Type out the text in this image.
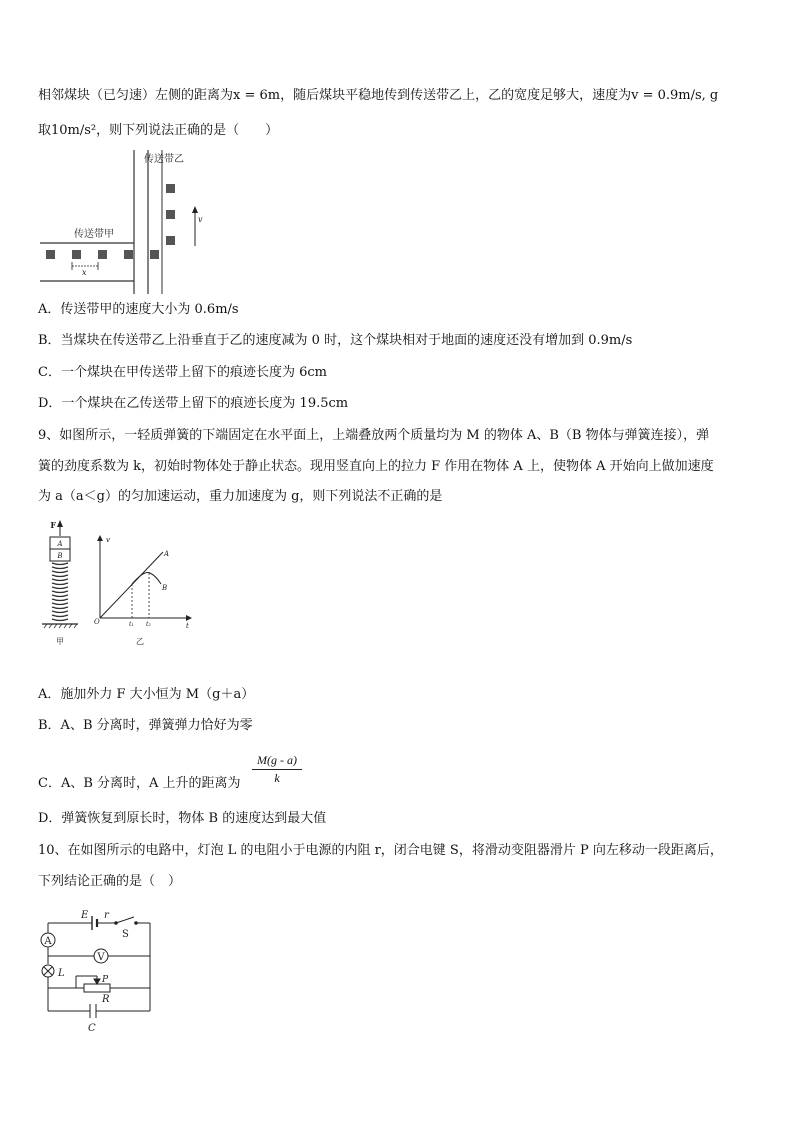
相邻煤块（已匀速）左侧的距离为x = 6m，随后煤块平稳地传到传送带乙上，乙的宽度足够大，速度为v = 0.9m/s, g
取10m/s²，则下列说法正确的是（　　）
传送带乙
传送带甲
v
x
A．传送带甲的速度大小为 0.6m/s
B．当煤块在传送带乙上沿垂直于乙的速度减为 0 时，这个煤块相对于地面的速度还没有增加到 0.9m/s
C．一个煤块在甲传送带上留下的痕迹长度为 6cm
D．一个煤块在乙传送带上留下的痕迹长度为 19.5cm
9、如图所示，一轻质弹簧的下端固定在水平面上，上端叠放两个质量均为 M 的物体 A、B（B 物体与弹簧连接），弹
簧的劲度系数为 k，初始时物体处于静止状态。现用竖直向上的拉力 F 作用在物体 A 上，使物体 A 开始向上做加速度
为 a（a＜g）的匀加速运动，重力加速度为 g，则下列说法不正确的是
F
A
B
甲
v
O	t
A
B
t₁ t₂
乙
A．施加外力 F 大小恒为 M（g＋a）
B．A、B 分离时，弹簧弹力恰好为零
C．A、B 分离时，A 上升的距离为 $\frac{M(g - a)}{k}$
D．弹簧恢复到原长时，物体 B 的速度达到最大值
10、在如图所示的电路中，灯泡 L 的电阻小于电源的内阻 r，闭合电键 S，将滑动变阻器滑片 P 向左移动一段距离后，
下列结论正确的是（　）
E r
S
A
V
L
P
R
C
